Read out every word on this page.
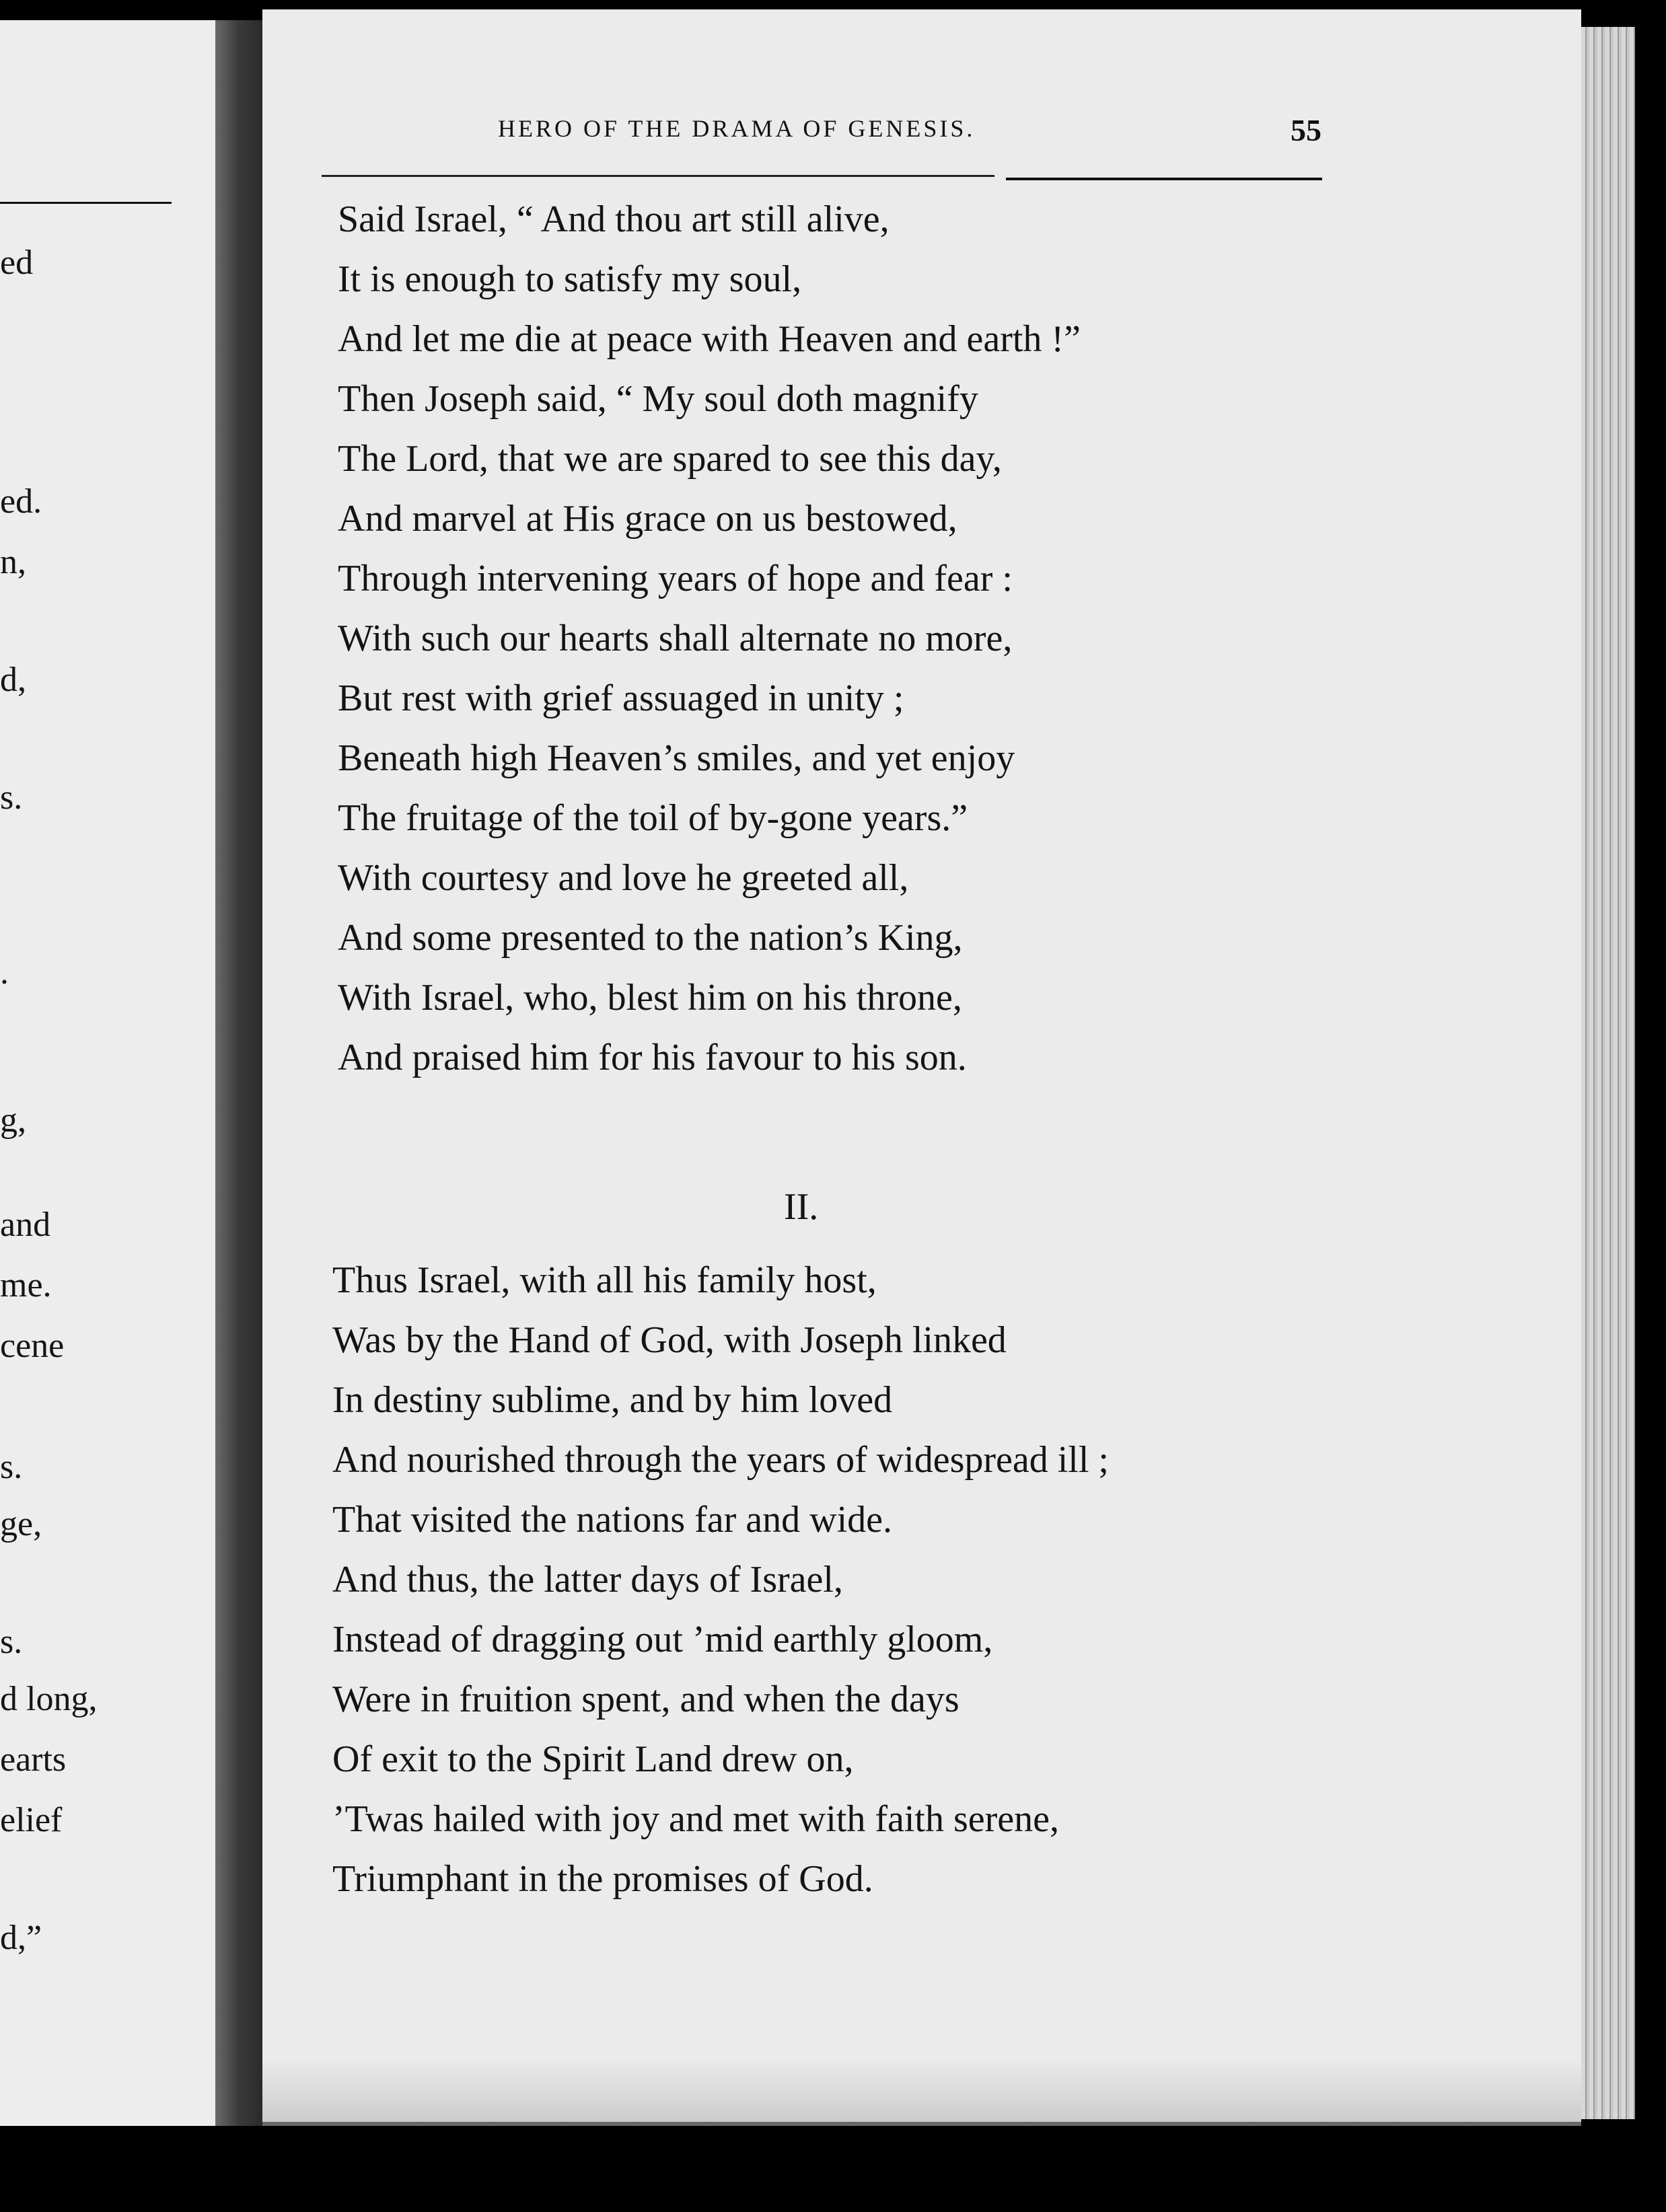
ed

ed.

n,

d,

s.

.

g,

and

me.

cene

s.

ge,

s.

d long,

earts

elief

d,”

HERO OF THE DRAMA OF GENESIS.	55

Said Israel, “ And thou art still alive,
It is enough to satisfy my soul,
And let me die at peace with Heaven and earth !”
Then Joseph said, “ My soul doth magnify
The Lord, that we are spared to see this day,
And marvel at His grace on us bestowed,
Through intervening years of hope and fear :
With such our hearts shall alternate no more,
But rest with grief assuaged in unity ;
Beneath high Heaven’s smiles, and yet enjoy
The fruitage of the toil of by-gone years.”
With courtesy and love he greeted all,
And some presented to the nation’s King,
With Israel, who, blest him on his throne,
And praised him for his favour to his son.
II.
Thus Israel, with all his family host,
Was by the Hand of God, with Joseph linked
In destiny sublime, and by him loved
And nourished through the years of widespread ill ;
That visited the nations far and wide.
And thus, the latter days of Israel,
Instead of dragging out ’mid earthly gloom,
Were in fruition spent, and when the days
Of exit to the Spirit Land drew on,
’Twas hailed with joy and met with faith serene,
Triumphant in the promises of God.
